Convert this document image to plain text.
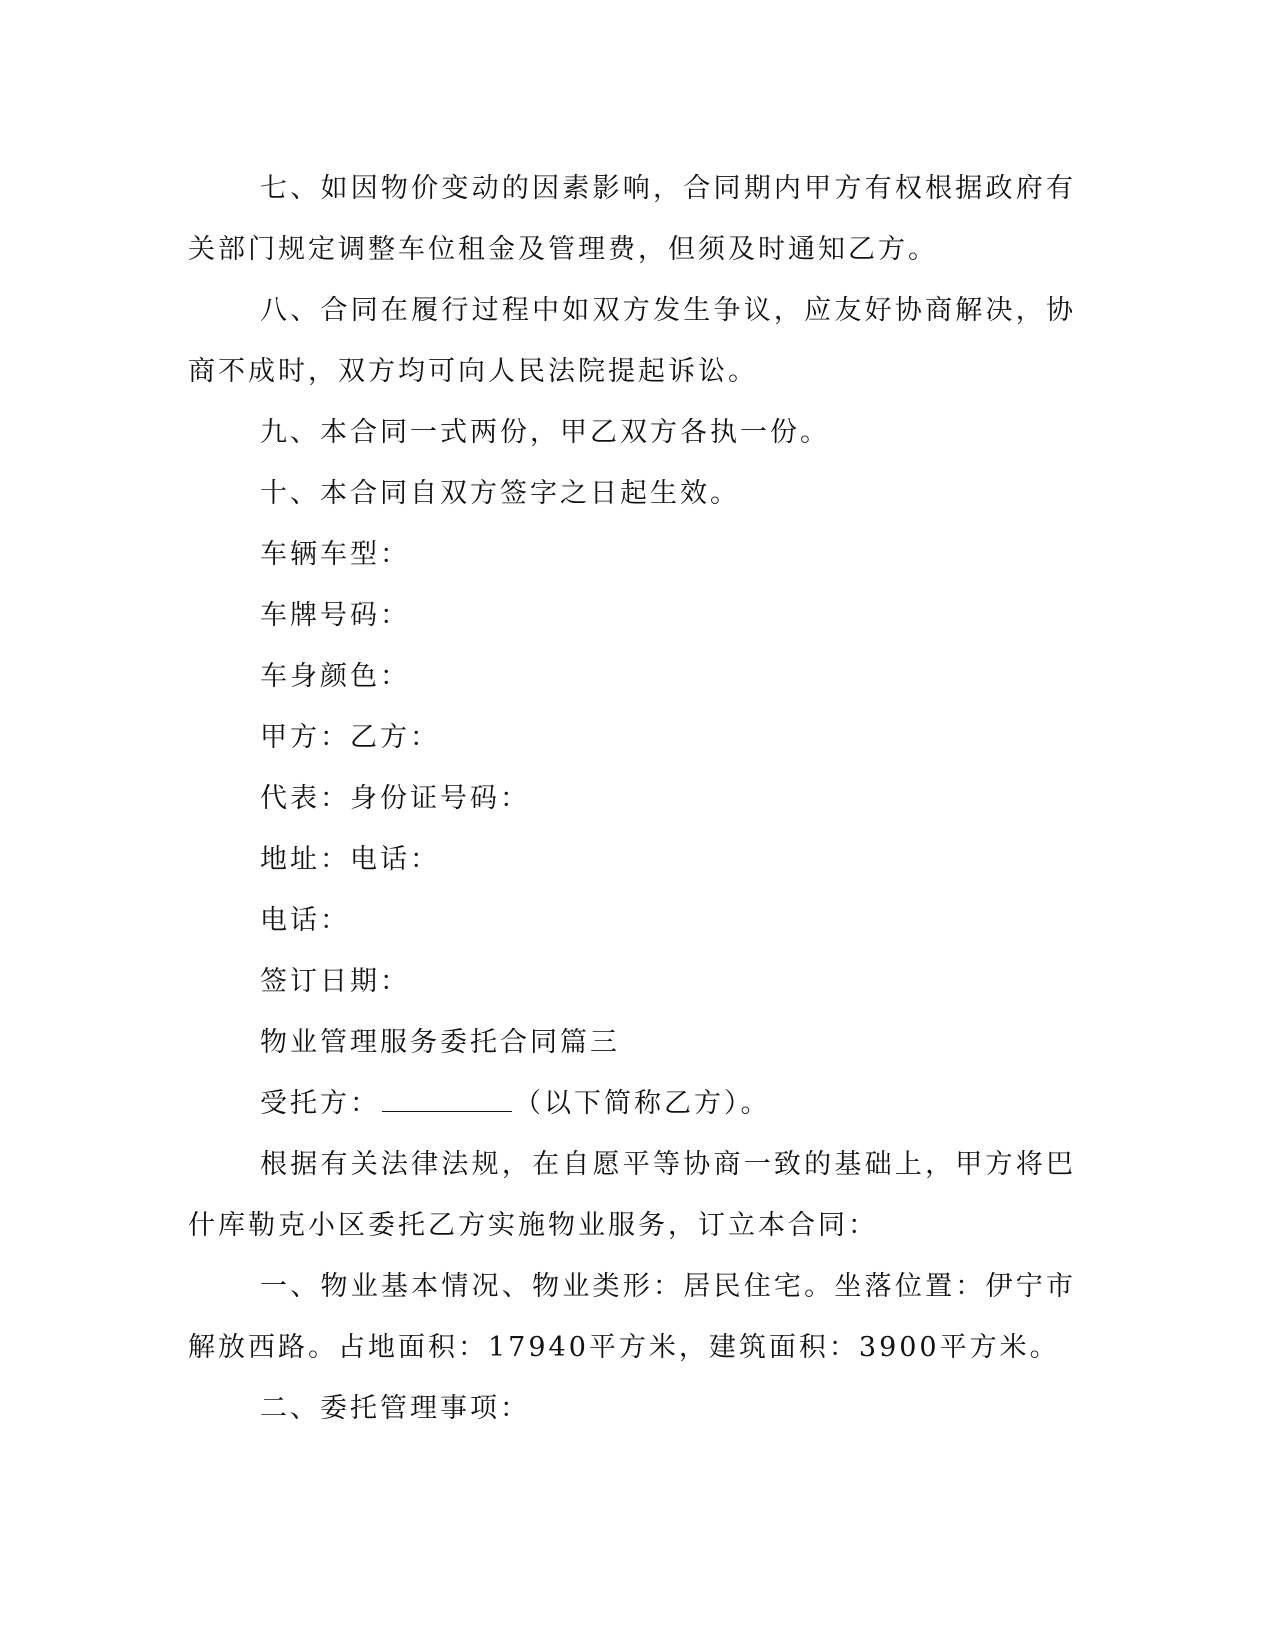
七、如因物价变动的因素影响，合同期内甲方有权根据政府有关部门规定调整车位租金及管理费，但须及时通知乙方。

八、合同在履行过程中如双方发生争议，应友好协商解决，协商不成时，双方均可向人民法院提起诉讼。

九、本合同一式两份，甲乙双方各执一份。

十、本合同自双方签字之日起生效。

车辆车型：

车牌号码：

车身颜色：

甲方：乙方：

代表：身份证号码：

地址：电话：

电话：

签订日期：

物业管理服务委托合同篇三

受托方：	（以下简称乙方）。

根据有关法律法规，在自愿平等协商一致的基础上，甲方将巴什库勒克小区委托乙方实施物业服务，订立本合同：

一、物业基本情况、物业类形：居民住宅。坐落位置：伊宁市解放西路。占地面积：17940平方米，建筑面积：3900平方米。

二、委托管理事项：
